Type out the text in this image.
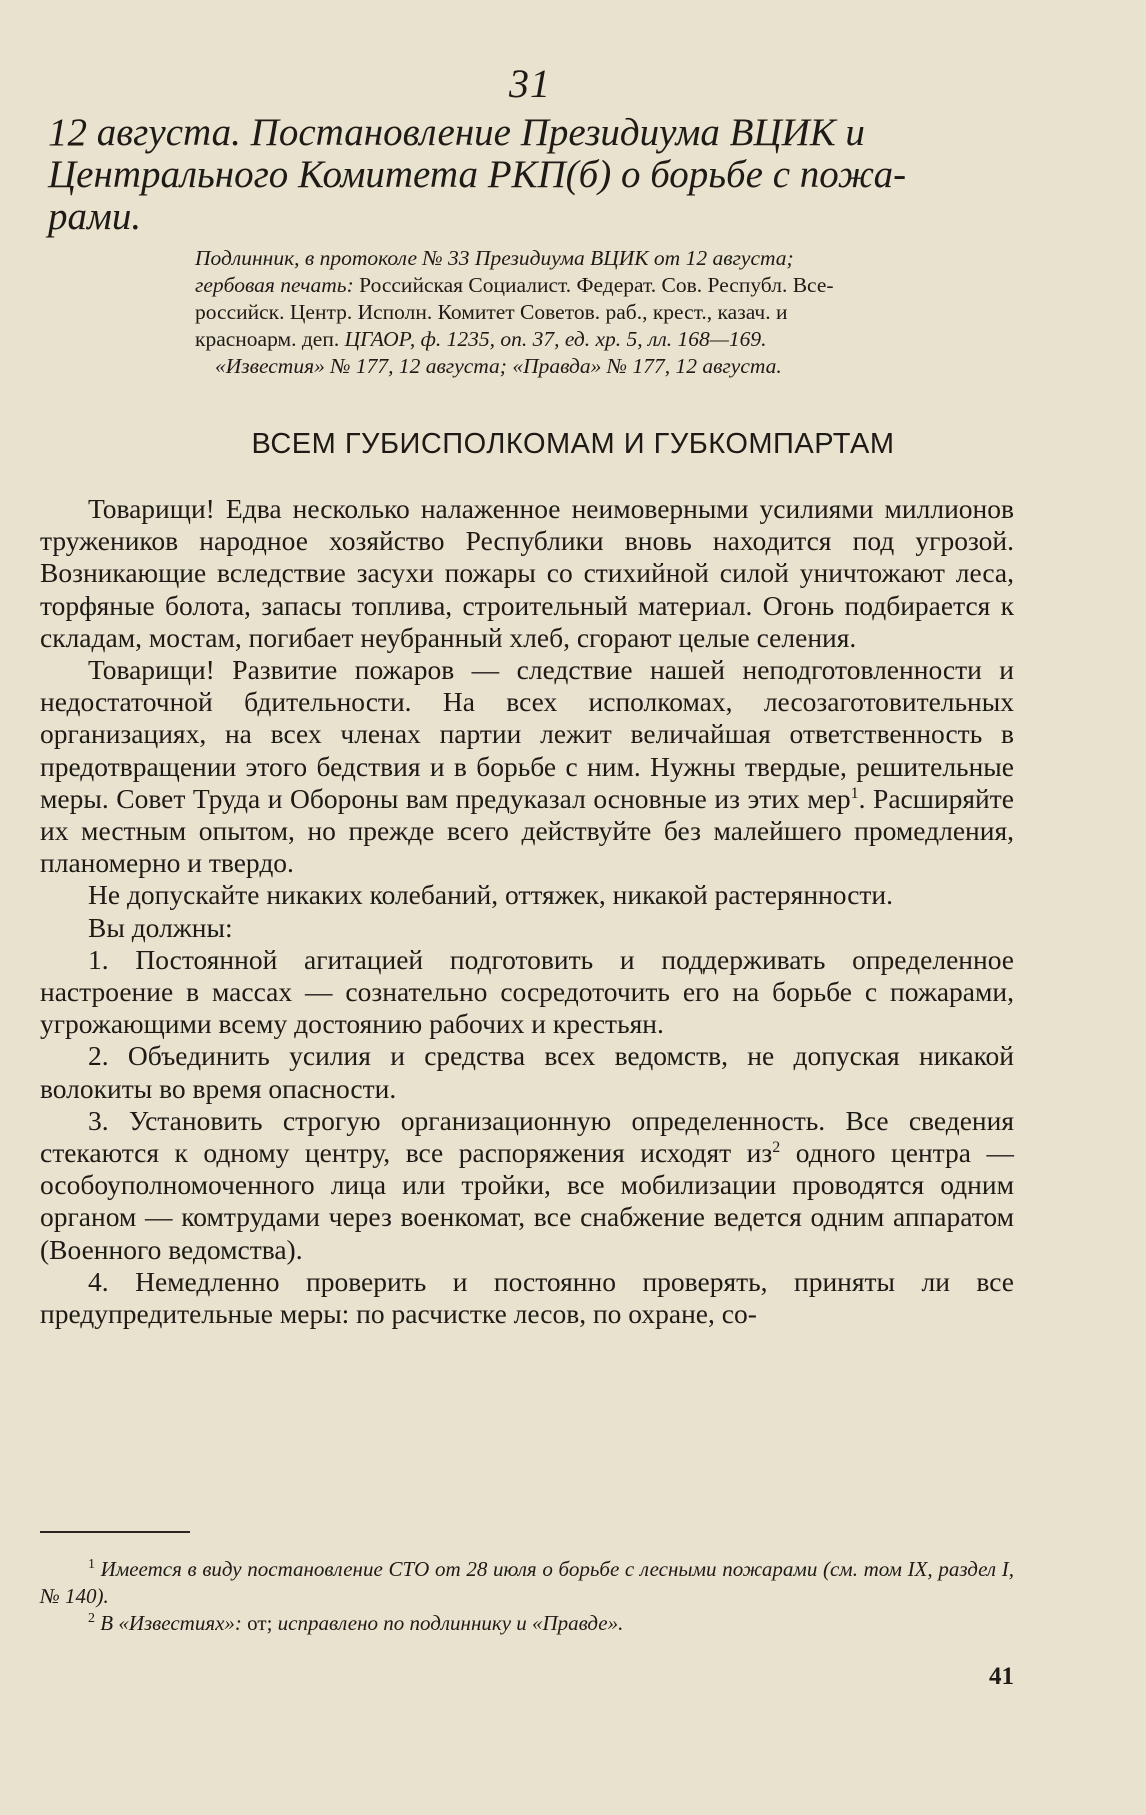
31
12 августа. Постановление Президиума ВЦИК и
Центрального Комитета РКП(б) о борьбе с пожа-
рами.
Подлинник, в протоколе № 33 Президиума ВЦИК от 12 августа;
гербовая печать: Российская Социалист. Федерат. Сов. Республ. Все-
российск. Центр. Исполн. Комитет Советов. раб., крест., казач. и
красноарм. деп. ЦГАОР, ф. 1235, оп. 37, ед. хр. 5, лл. 168—169.
«Известия» № 177, 12 августа; «Правда» № 177, 12 августа.
ВСЕМ ГУБИСПОЛКОМАМ И ГУБКОМПАРТАМ

Товарищи! Едва несколько налаженное неимоверными усилиями миллионов тружеников народное хозяйство Республики вновь находится под угрозой. Возникающие вследствие засухи пожары со стихийной силой уничтожают леса, торфяные болота, запасы топлива, строительный материал. Огонь подбирается к складам, мостам, погибает неубранный хлеб, сгорают целые селения.

Товарищи! Развитие пожаров — следствие нашей неподготовленности и недостаточной бдительности. На всех исполкомах, лесозаготовительных организациях, на всех членах партии лежит величайшая ответственность в предотвращении этого бедствия и в борьбе с ним. Нужны твердые, решительные меры. Совет Труда и Обороны вам предуказал основные из этих мер$^1$. Расширяйте их местным опытом, но прежде всего действуйте без малейшего промедления, планомерно и твердо.

Не допускайте никаких колебаний, оттяжек, никакой растерянности.

Вы должны:

1. Постоянной агитацией подготовить и поддерживать определенное настроение в массах — сознательно сосредоточить его на борьбе с пожарами, угрожающими всему достоянию рабочих и крестьян.

2. Объединить усилия и средства всех ведомств, не допуская никакой волокиты во время опасности.

3. Установить строгую организационную определенность. Все сведения стекаются к одному центру, все распоряжения исходят $из^2$ одного центра — особоуполномоченного лица или тройки, все мобилизации проводятся одним органом — комтрудами через военкомат, все снабжение ведется одним аппаратом (Военного ведомства).

4. Немедленно проверить и постоянно проверять, приняты ли все предупредительные меры: по расчистке лесов, по охране, со-

$^1$ Имеется в виду постановление СТО от 28 июля о борьбе с лесными пожарами (см. том IX, раздел I, № 140).
$^2$ В «Известиях»: от; исправлено по подлиннику и «Правде».
41
